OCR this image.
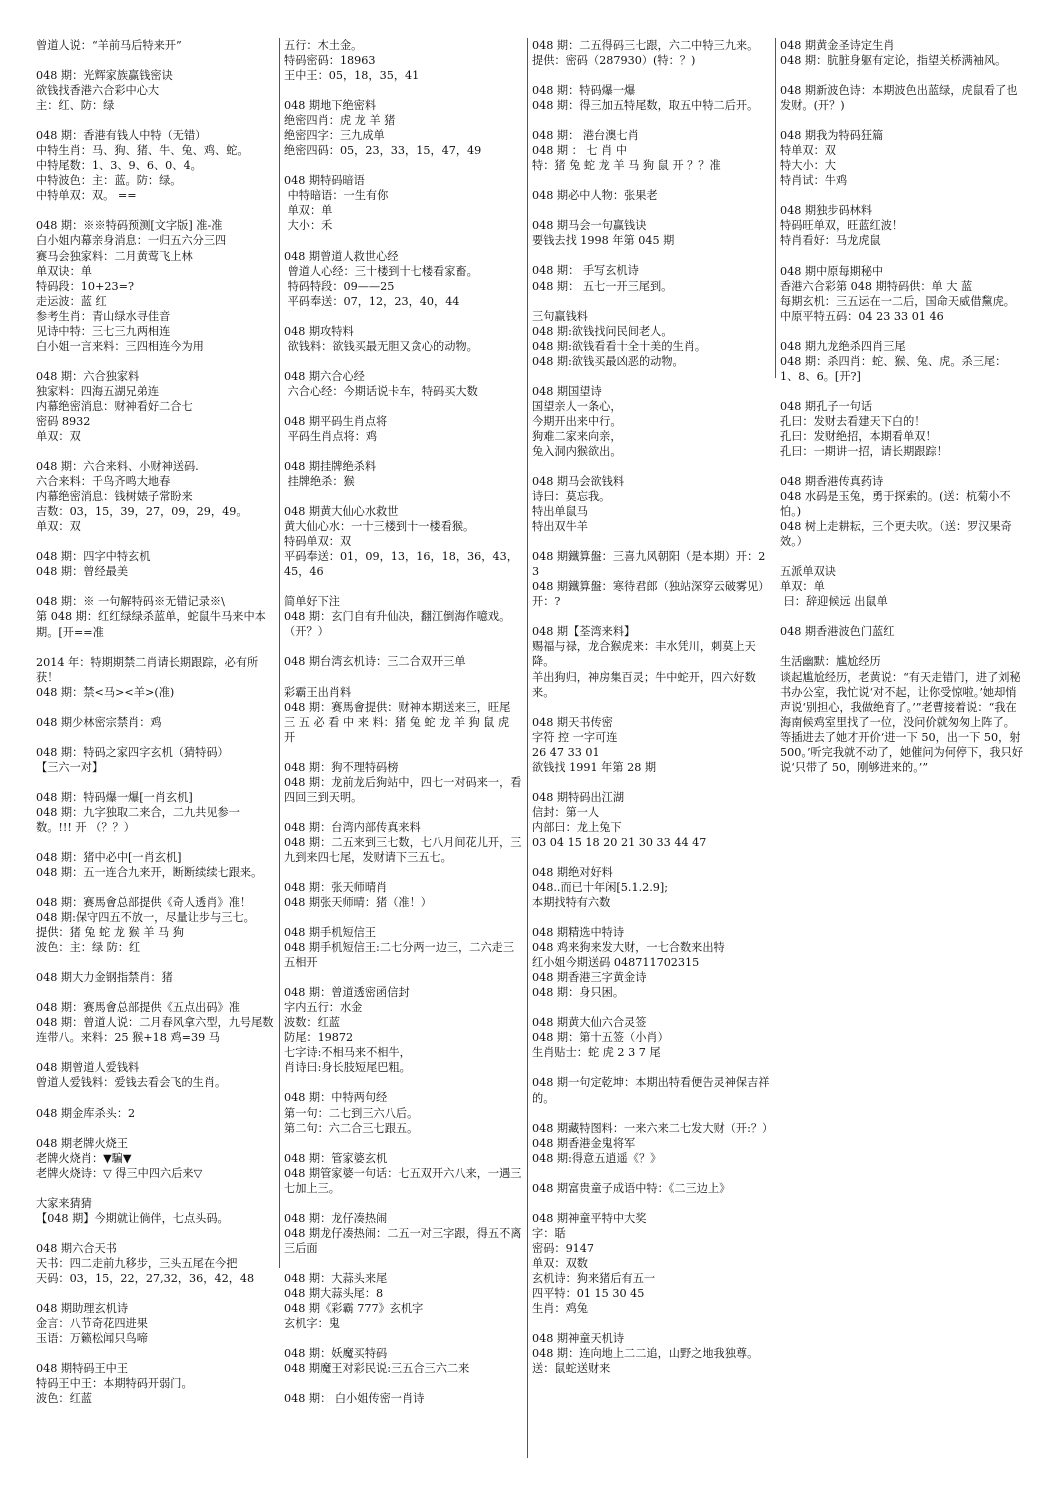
曾道人说：“羊前马后特来开”
048 期：光辉家族赢钱密诀
欲钱找香港六合彩中心大
主：红、防：绿
048 期：香港有钱人中特（无错）
中特生肖：马、狗、猪、牛、兔、鸡、蛇。
中特尾数：1、3、9、6、0、4。
中特波色：主：蓝。防：绿。
中特单双：双。 ==
048 期：※※特码预测[文字版] 准-准
白小姐内幕亲身消息：一归五六分三四
赛马会独家料：二月黄莺飞上林
单双诀：单
特码段：10+23=?
走运波：蓝 红
参考生肖：青山绿水寻佳音
见诗中特：三七三九两相连
白小姐一言来料：三四相连今为用
048 期：六合独家料
独家料：四海五湖兄弟连
内幕绝密消息：财神看好二合七
密码 8932
单双：双
048 期：六合来料、小财神送码.
六合来料：千鸟齐鸣大地春
内幕绝密消息：钱树婊子常盼来
吉数：03，15，39，27，09，29，49。
单双：双
048 期：四字中特玄机
048 期：曾经最美
048 期：※ 一句解特码※无错记录※\
第 048 期：红红绿绿杀蓝单，蛇鼠牛马来中本期。[开==准
2014 年：特期期禁二肖请长期跟踪，必有所获！
048 期：禁<马><羊>(准)
048 期少林密宗禁肖：鸡
048 期：特码之家四字玄机（猜特码）
【三六一对】
048 期：特码爆一爆[一肖玄机]
048 期：九字独取二来合，二九共见参一数。!!! 开 （？？）
048 期：猪中必中[一肖玄机]
048 期：五一连合九来开，断断续续七跟来。
048 期：赛馬會总部提供《奇人透肖》准！
048 期:保守四五不放一，尽量让步与三七。
提供：猪 兔 蛇 龙 猴 羊 马 狗
波色：主：绿 防：红
048 期大力金钢指禁肖：猪
048 期：赛馬會总部提供《五点出码》准
048 期：曾道人说：二月春风拿六型，九号尾数连带八。来料：25 猴+18 鸡=39 马
048 期曾道人爱钱料
曾道人爱钱料：爱钱去看会飞的生肖。
048 期金库杀头：2
048 期老牌火烧王
老牌火烧肖：▼騙▼
老牌火烧诗：▽ 得三中四六后来▽
大家来猜猜
【048 期】今期就让倘伴，七点头码。
048 期六合天书
天书：四二走前九移步，三头五尾在今把
天码：03，15，22，27,32，36，42，48
048 期助理玄机诗
金言：八节奇花四进果
玉语：万籁松闻只鸟啼
048 期特码王中王
特码王中王：本期特码开弱门。
波色：红蓝
五行：木土金。
特码密码：18963
王中王：05，18，35，41
048 期地下绝密料
绝密四肖：虎 龙 羊 猪
绝密四字：三九成单
绝密四码：05，23，33，15，47，49
048 期特码暗语
中特暗语：一生有你
单双：单
大小：禾
048 期曾道人救世心经
曾道人心经：三十楼到十七楼看家畜。
特码特段：09——25
平码奉送：07，12，23，40，44
048 期攻特料
欲钱料：欲钱买最无胆又贪心的动物。
048 期六合心经
六合心经：今期话说卡车，特码买大数
048 期平码生肖点将
平码生肖点将：鸡
048 期挂牌绝杀料
挂牌绝杀：猴
048 期黄大仙心水救世
黄大仙心水：一十三楼到十一楼看猴。
特码单双：双
平码奉送：01，09，13，16，18，36，43，45，46
简单好下注
048 期：玄门自有升仙决，翻江倒海作噫戏。（开？）
048 期台湾玄机诗：三二合双开三单
彩霸王出肖料
048 期：赛馬會提供：财神本期送来三，旺尾 三 五 必 看 中 来 料：猪 兔 蛇 龙 羊 狗 鼠 虎 开
048 期：狗不理特码榜
048 期：龙前龙后狗站中，四七一对码来一，看四回三到天明。
048 期：台湾内部传真来料
048 期：二五来到三七数，七八月间花儿开，三九到来四七尾，发财请下三五七。
048 期：张天师晴肖
048 期张天师晴：猪（准！）
048 期手机短信王
048 期手机短信王:二七分两一边三，二六走三五相开
048 期：曾道透密函信封
字内五行：水金
波数：红蓝
防尾：19872
七字诗:不相马来不相牛，
肖诗曰:身长肢短尾巴粗。
048 期：中特两句经
第一句：二七到三六八后。
第二句：六二合三七跟五。
048 期：管家婆玄机
048 期管家婆一句话：七五双开六八来，一遇三七加上三。
048 期：龙仔凑热闹
048 期龙仔凑热闹：二五一对三字跟，得五不离三后面
048 期：大蒜头来尾
048 期大蒜头尾：8
048 期《彩霸 777》玄机字
玄机字：鬼
048 期：妖魔买特码
048 期魔王对彩民说:三五合三六二来
048 期： 白小姐传密一肖诗
048 期：二五得码三七跟，六二中特三九来。
提供：密码（287930）(特：？)
048 期：特码爆一爆
048 期：得三加五特尾数，取五中特二后开。
048 期： 港台澳七肖
048 期 ： 七 肖 中
特：猪 兔 蛇 龙 羊 马 狗 鼠 开 ？？准
048 期必中人物：张果老
048 期马会一句赢钱诀
要钱去找 1998 年第 045 期
048 期： 手写玄机诗
048 期： 五七一开三尾到。
三句赢钱料
048 期:欲钱找问民间老人。
048 期:欲钱看看十全十美的生肖。
048 期:欲钱买最凶恶的动物。
048 期国望诗
国望亲人一条心，
今期开出来中行。
狗难二家来向亲，
兔入洞内猴欲出。
048 期马会欲钱料
诗曰：莫忘我。
特出单鼠马
特出双牛羊
048 期鐵算盤：三喜九风朝阳（是本期）开：23
048 期鐵算盤：寒待君郎（独站深穿云破雾见）开：?
048 期【荃湾来料】
赐福与禄，龙合猴虎来：丰水凭川，刺莫上天降。
羊出狗归，神房集百灵；牛中蛇开，四六好数来。
048 期天书传密
字符 控 一字可连
26 47 33 01
欲钱找 1991 年第 28 期
048 期特码出江湖
信封：第一人
内部曰：龙上兔下
03 04 15 18 20 21 30 33 44 47
048 期绝对好料
048..而已十年闲[5.1.2.9];
本期找特有六数
048 期精选中特诗
048 鸡来狗来发大财，一七合数来出特
红小姐今期送码 048711702315
048 期香港三字黄金诗
048 期：身只困。
048 期黄大仙六合灵签
048 期：第十五签（小肖）
生肖贴士：蛇 虎 2 3 7 尾
048 期一句定乾坤：本期出特看便告灵神保吉祥的。
048 期藏特图料：一来六来二七发大财（开:？）
048 期香港金鬼将军
048 期:得意五逍遥《？》
048 期富贵童子成语中特：《二三边上》
048 期神童平特中大奖
字：聒
密码：9147
单双：双数
玄机诗：狗来猪后有五一
四平特：01 15 30 45
生肖：鸡兔
048 期神童天机诗
048 期：连向地上二二追，山野之地我独尊。 送：鼠蛇送财来
048 期黄金圣诗定生肖
048 期：肮脏身躯有定论，指望关桥满袖风。
048 期新波色诗：本期波色出蓝绿，虎鼠看了也发财。(开？)
048 期我为特码狂篇
特单双：双
特大小：大
特肖试：牛鸡
048 期独步码林料
特码旺单双，旺蓝红波！
特肖看好：马龙虎鼠
048 期中原每期秘中
香港六合彩第 048 期特码供：单 大 蓝
每期玄机：三五运在一二后，国命天威借黧虎。
中原平特五码：04 23 33 01 46
048 期九龙绝杀四肖三尾
048 期：杀四肖：蛇、猴、兔、虎。杀三尾：1、8、6。[开?]
048 期孔子一句话
孔曰：发财去看建天下白的！
孔曰：发财绝招，本期看单双！
孔曰：一期讲一招，请长期跟踪！
048 期香港传真药诗
048 水码是玉兔，勇于探索的。(送：杭菊小不怕。)
048 树上走耕耘，三个更夫吹。（送：罗汉果奇效。）
五派单双诀
单双：单
曰：辞迎候远 出鼠单
048 期香港波色门蓝红
生活幽默：尴尬经历
谈起尴尬经历，老黄说：“有天走错门，进了刘秘书办公室，我忙说‘对不起，让你受惊啦。’她却悄声说‘别担心，我做绝育了。’”老曹接着说：“我在海南候鸡室里找了一位，没问价就匆匆上阵了。等插进去了她才开价‘进一下 50，出一下 50，射 500。’听完我就不动了，她催问为何停下，我只好说‘只带了 50，刚够进来的。’”
